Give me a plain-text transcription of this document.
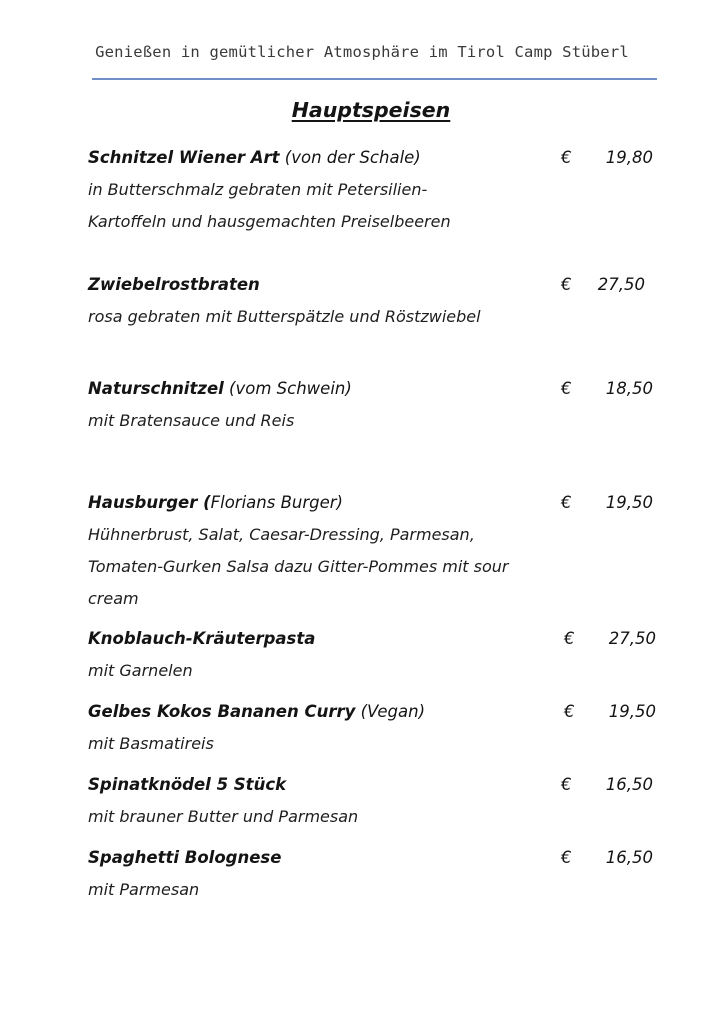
Genießen in gemütlicher Atmosphäre im Tirol Camp Stüberl
Hauptspeisen
Schnitzel Wiener Art (von der Schale)	€	19,80
in Butterschmalz gebraten mit Petersilien-
Kartoffeln und hausgemachten Preiselbeeren
Zwiebelrostbraten	€	27,50
rosa gebraten mit Butterspätzle und Röstzwiebel
Naturschnitzel (vom Schwein)	€	18,50
mit Bratensauce und Reis
Hausburger (Florians Burger)	€	19,50
Hühnerbrust, Salat, Caesar-Dressing, Parmesan,
Tomaten-Gurken Salsa dazu Gitter-Pommes mit sour
cream
Knoblauch-Kräuterpasta	€	27,50
mit Garnelen
Gelbes Kokos Bananen Curry (Vegan)	€	19,50
mit Basmatireis
Spinatknödel 5 Stück	€	16,50
mit brauner Butter und Parmesan
Spaghetti Bolognese	€	16,50
mit Parmesan
